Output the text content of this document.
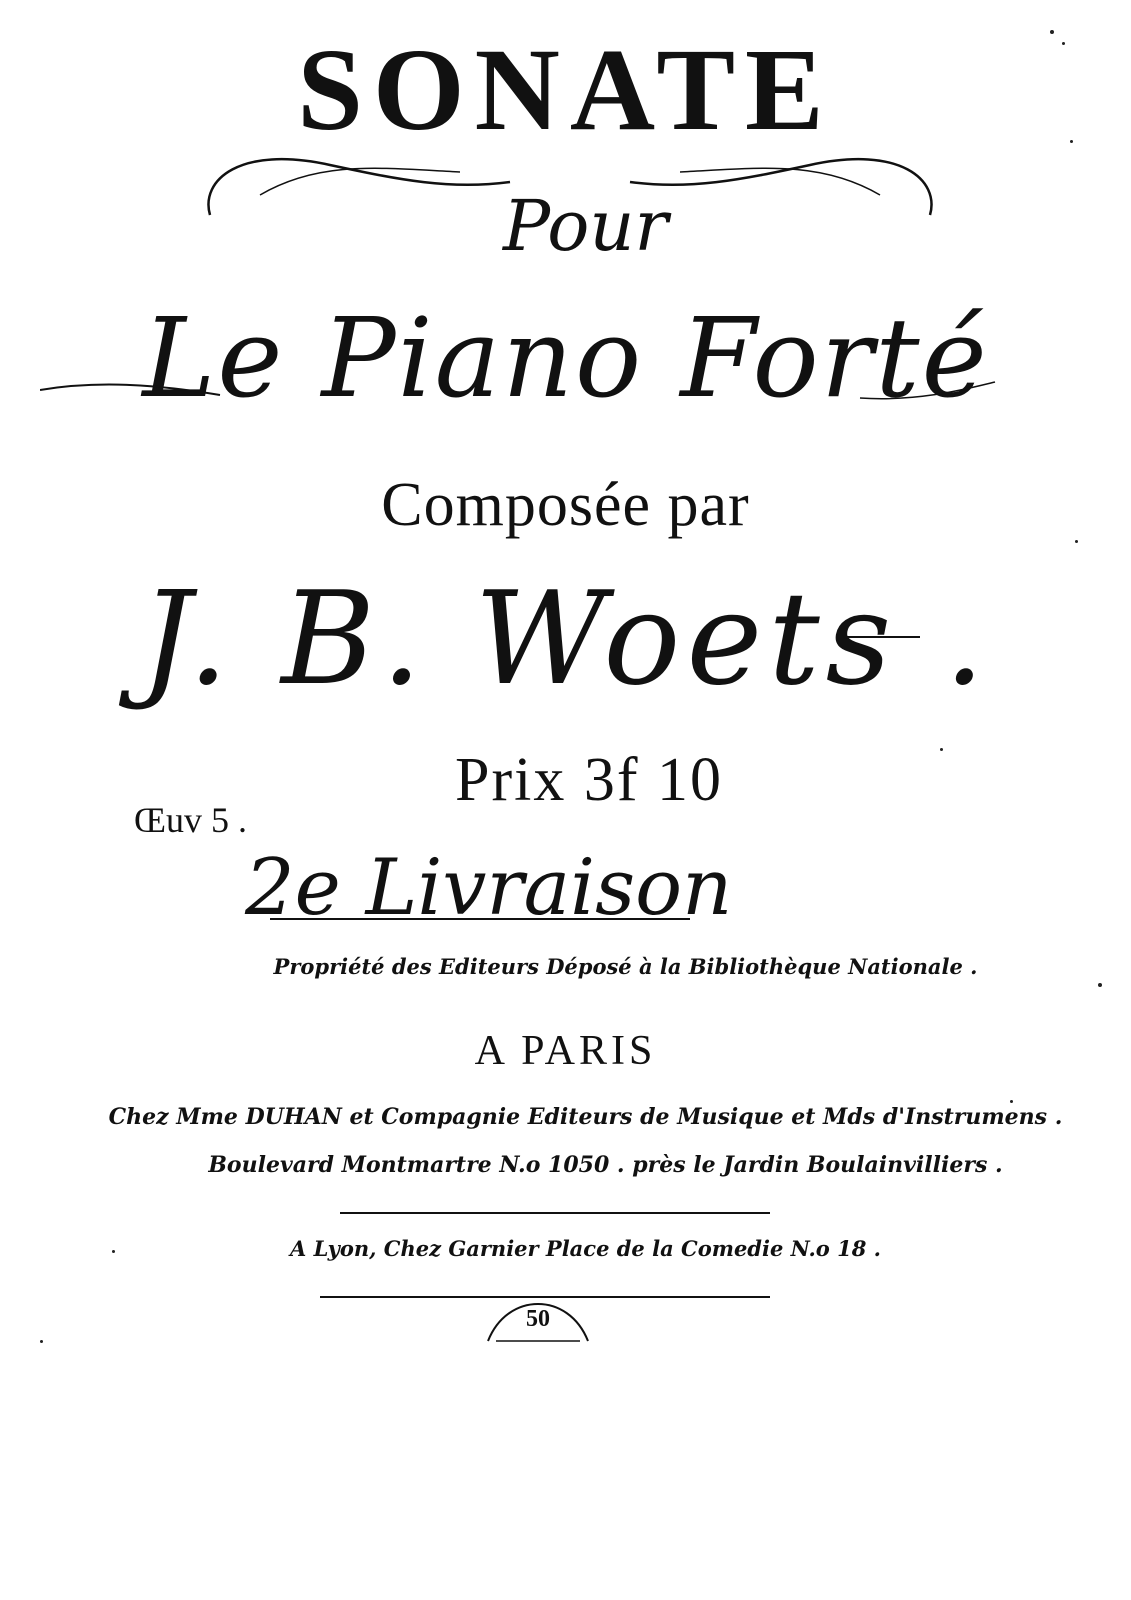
SONATE
Pour
Le Piano Forté
Composée par
J. B. Woets .
Œuv 5 .
Prix 3f 10
2e Livraison
Propriété des Editeurs Déposé à la Bibliothèque Nationale .
A PARIS
Chez Mme DUHAN et Compagnie Editeurs de Musique et Mds d'Instrumens .
Boulevard Montmartre N.o 1050 . près le Jardin Boulainvilliers .
A Lyon, Chez Garnier Place de la Comedie N.o 18 .
50
